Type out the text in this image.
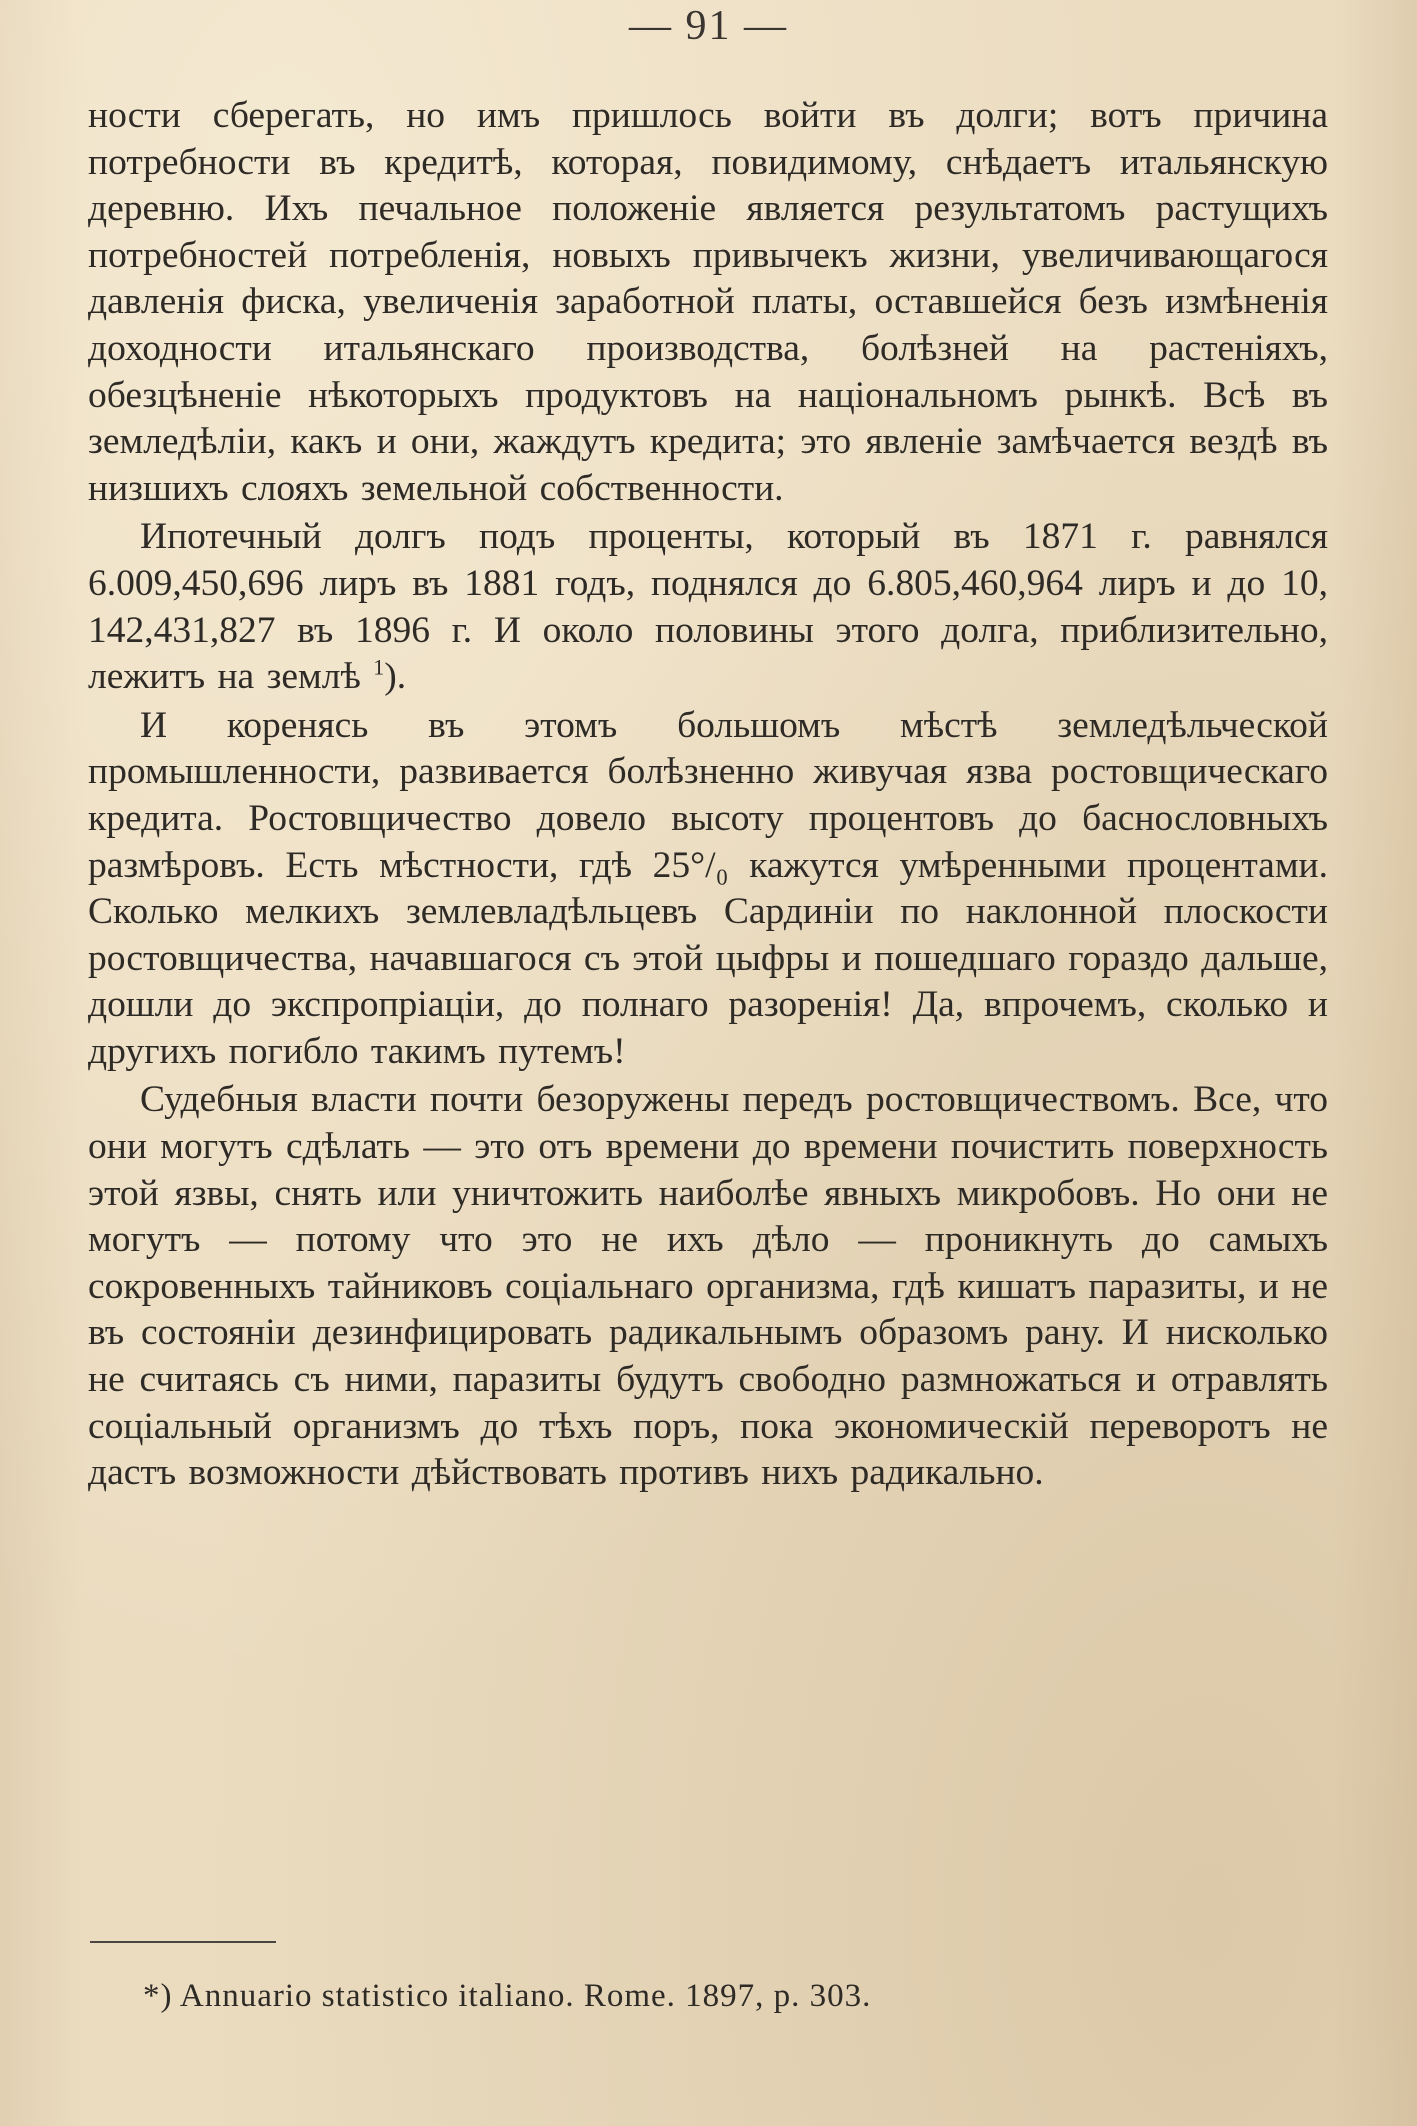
— 91 —

ности сберегать, но имъ пришлось войти въ долги; вотъ причина потребности въ кредитѣ, которая, повидимому, снѣдаетъ итальянскую деревню. Ихъ печальное положенiе является результатомъ растущихъ потребностей потребленiя, новыхъ привычекъ жизни, увеличивающагося давленiя фиска, увеличенiя заработной платы, оставшейся безъ измѣненiя доходности итальянскаго производства, болѣзней на растенiяхъ, обезцѣненiе нѣкоторыхъ продуктовъ на нацiональномъ рынкѣ. Всѣ въ земледѣлiи, какъ и они, жаждутъ кредита; это явленiе замѣчается вездѣ въ низшихъ слояхъ земельной собственности.

Ипотечный долгъ подъ проценты, который въ 1871 г. равнялся 6.009,450,696 лиръ въ 1881 годъ, поднялся до 6.805,460,964 лиръ и до 10, 142,431,827 въ 1896 г. И около половины этого долга, приблизительно, лежитъ на землѣ $^1$).

И коренясь въ этомъ большомъ мѣстѣ земледѣльческой промышленности, развивается болѣзненно живучая язва ростовщическаго кредита. Ростовщичество довело высоту процентовъ до баснословныхъ размѣровъ. Есть мѣстности, гдѣ 25°/₀ кажутся умѣренными процентами. Сколько мелкихъ землевладѣльцевъ Сардинiи по наклонной плоскости ростовщичества, начавшагося съ этой цыфры и пошедшаго гораздо дальше, дошли до экспропрiацiи, до полнаго разоренiя! Да, впрочемъ, сколько и другихъ погибло такимъ путемъ!

Судебныя власти почти безоружены передъ ростовщичествомъ. Все, что они могутъ сдѣлать — это отъ времени до времени почистить поверхность этой язвы, снять или уничтожить наиболѣе явныхъ микробовъ. Но они не могутъ — потому что это не ихъ дѣло — проникнуть до самыхъ сокровенныхъ тайниковъ соцiальнаго организма, гдѣ кишатъ паразиты, и не въ состоянiи дезинфицировать радикальнымъ образомъ рану. И нисколько не считаясь съ ними, паразиты будутъ свободно размножаться и отравлять соцiальный организмъ до тѣхъ поръ, пока экономическiй переворотъ не дастъ возможности дѣйствовать противъ нихъ радикально.

*) Annuario statistico italiano. Rome. 1897, p. 303.
